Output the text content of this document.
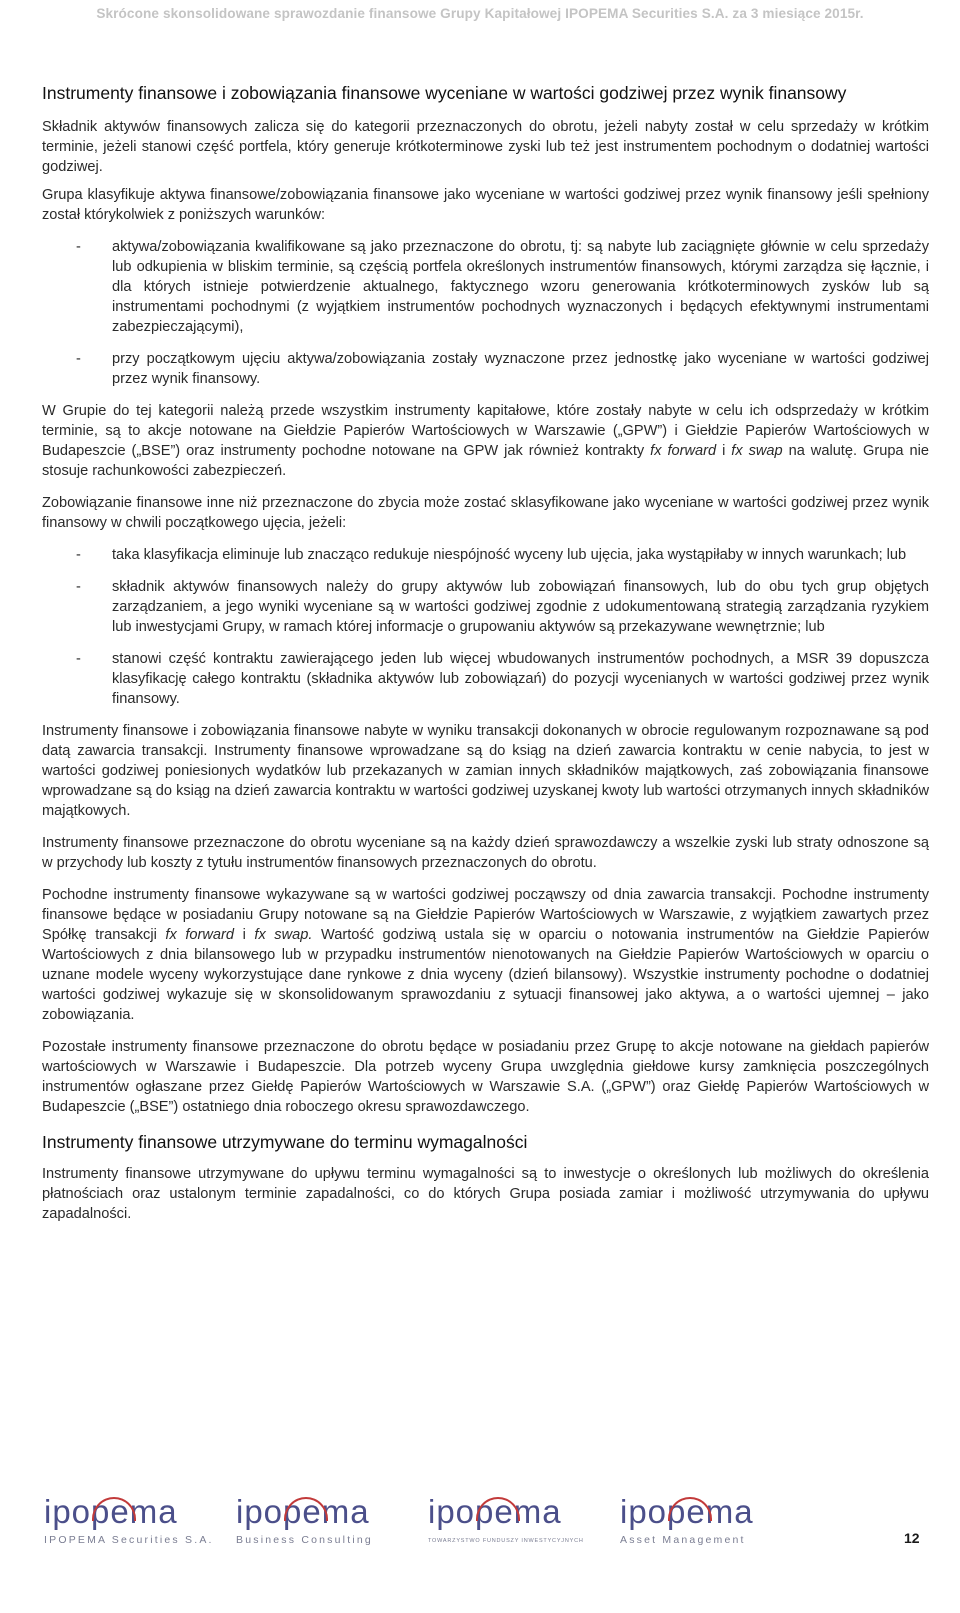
Skrócone skonsolidowane sprawozdanie finansowe Grupy Kapitałowej IPOPEMA Securities S.A. za 3 miesiące 2015r.
Instrumenty finansowe i zobowiązania finansowe wyceniane w wartości godziwej przez wynik finansowy

Składnik aktywów finansowych zalicza się do kategorii przeznaczonych do obrotu, jeżeli nabyty został w celu sprzedaży w krótkim terminie, jeżeli stanowi część portfela, który generuje krótkoterminowe zyski lub też jest instrumentem pochodnym o dodatniej wartości godziwej.

Grupa klasyfikuje aktywa finansowe/zobowiązania finansowe jako wyceniane w wartości godziwej przez wynik finansowy jeśli spełniony został którykolwiek z poniższych warunków:

- aktywa/zobowiązania kwalifikowane są jako przeznaczone do obrotu, tj: są nabyte lub zaciągnięte głównie w celu sprzedaży lub odkupienia w bliskim terminie, są częścią portfela określonych instrumentów finansowych, którymi zarządza się łącznie, i dla których istnieje potwierdzenie aktualnego, faktycznego wzoru generowania krótkoterminowych zysków lub są instrumentami pochodnymi (z wyjątkiem instrumentów pochodnych wyznaczonych i będących efektywnymi instrumentami zabezpieczającymi),
- przy początkowym ujęciu aktywa/zobowiązania zostały wyznaczone przez jednostkę jako wyceniane w wartości godziwej przez wynik finansowy.

W Grupie do tej kategorii należą przede wszystkim instrumenty kapitałowe, które zostały nabyte w celu ich odsprzedaży w krótkim terminie, są to akcje notowane na Giełdzie Papierów Wartościowych w Warszawie („GPW”) i Giełdzie Papierów Wartościowych w Budapeszcie („BSE”) oraz instrumenty pochodne notowane na GPW jak również kontrakty fx forward i fx swap na walutę. Grupa nie stosuje rachunkowości zabezpieczeń.

Zobowiązanie finansowe inne niż przeznaczone do zbycia może zostać sklasyfikowane jako wyceniane w wartości godziwej przez wynik finansowy w chwili początkowego ujęcia, jeżeli:

- taka klasyfikacja eliminuje lub znacząco redukuje niespójność wyceny lub ujęcia, jaka wystąpiłaby w innych warunkach; lub
- składnik aktywów finansowych należy do grupy aktywów lub zobowiązań finansowych, lub do obu tych grup objętych zarządzaniem, a jego wyniki wyceniane są w wartości godziwej zgodnie z udokumentowaną strategią zarządzania ryzykiem lub inwestycjami Grupy, w ramach której informacje o grupowaniu aktywów są przekazywane wewnętrznie; lub
- stanowi część kontraktu zawierającego jeden lub więcej wbudowanych instrumentów pochodnych, a MSR 39 dopuszcza klasyfikację całego kontraktu (składnika aktywów lub zobowiązań) do pozycji wycenianych w wartości godziwej przez wynik finansowy.

Instrumenty finansowe i zobowiązania finansowe nabyte w wyniku transakcji dokonanych w obrocie regulowanym rozpoznawane są pod datą zawarcia transakcji. Instrumenty finansowe wprowadzane są do ksiąg na dzień zawarcia kontraktu w cenie nabycia, to jest w wartości godziwej poniesionych wydatków lub przekazanych w zamian innych składników majątkowych, zaś zobowiązania finansowe wprowadzane są do ksiąg na dzień zawarcia kontraktu w wartości godziwej uzyskanej kwoty lub wartości otrzymanych innych składników majątkowych.

Instrumenty finansowe przeznaczone do obrotu wyceniane są na każdy dzień sprawozdawczy a wszelkie zyski lub straty odnoszone są w przychody lub koszty z tytułu instrumentów finansowych przeznaczonych do obrotu.

Pochodne instrumenty finansowe wykazywane są w wartości godziwej począwszy od dnia zawarcia transakcji. Pochodne instrumenty finansowe będące w posiadaniu Grupy notowane są na Giełdzie Papierów Wartościowych w Warszawie, z wyjątkiem zawartych przez Spółkę transakcji fx forward i fx swap. Wartość godziwą ustala się w oparciu o notowania instrumentów na Giełdzie Papierów Wartościowych z dnia bilansowego lub w przypadku instrumentów nienotowanych na Giełdzie Papierów Wartościowych w oparciu o uznane modele wyceny wykorzystujące dane rynkowe z dnia wyceny (dzień bilansowy). Wszystkie instrumenty pochodne o dodatniej wartości godziwej wykazuje się w skonsolidowanym sprawozdaniu z sytuacji finansowej jako aktywa, a o wartości ujemnej – jako zobowiązania.

Pozostałe instrumenty finansowe przeznaczone do obrotu będące w posiadaniu przez Grupę to akcje notowane na giełdach papierów wartościowych w Warszawie i Budapeszcie. Dla potrzeb wyceny Grupa uwzględnia giełdowe kursy zamknięcia poszczególnych instrumentów ogłaszane przez Giełdę Papierów Wartościowych w Warszawie S.A. („GPW”) oraz Giełdę Papierów Wartościowych w Budapeszcie („BSE”) ostatniego dnia roboczego okresu sprawozdawczego.

Instrumenty finansowe utrzymywane do terminu wymagalności

Instrumenty finansowe utrzymywane do upływu terminu wymagalności są to inwestycje o określonych lub możliwych do określenia płatnościach oraz ustalonym terminie zapadalności, co do których Grupa posiada zamiar i możliwość utrzymywania do upływu zapadalności.

ipopema
IPOPEMA Securities S.A.
ipopema
Business Consulting
ipopema
TOWARZYSTWO FUNDUSZY INWESTYCYJNYCH
ipopema
Asset Management	12
